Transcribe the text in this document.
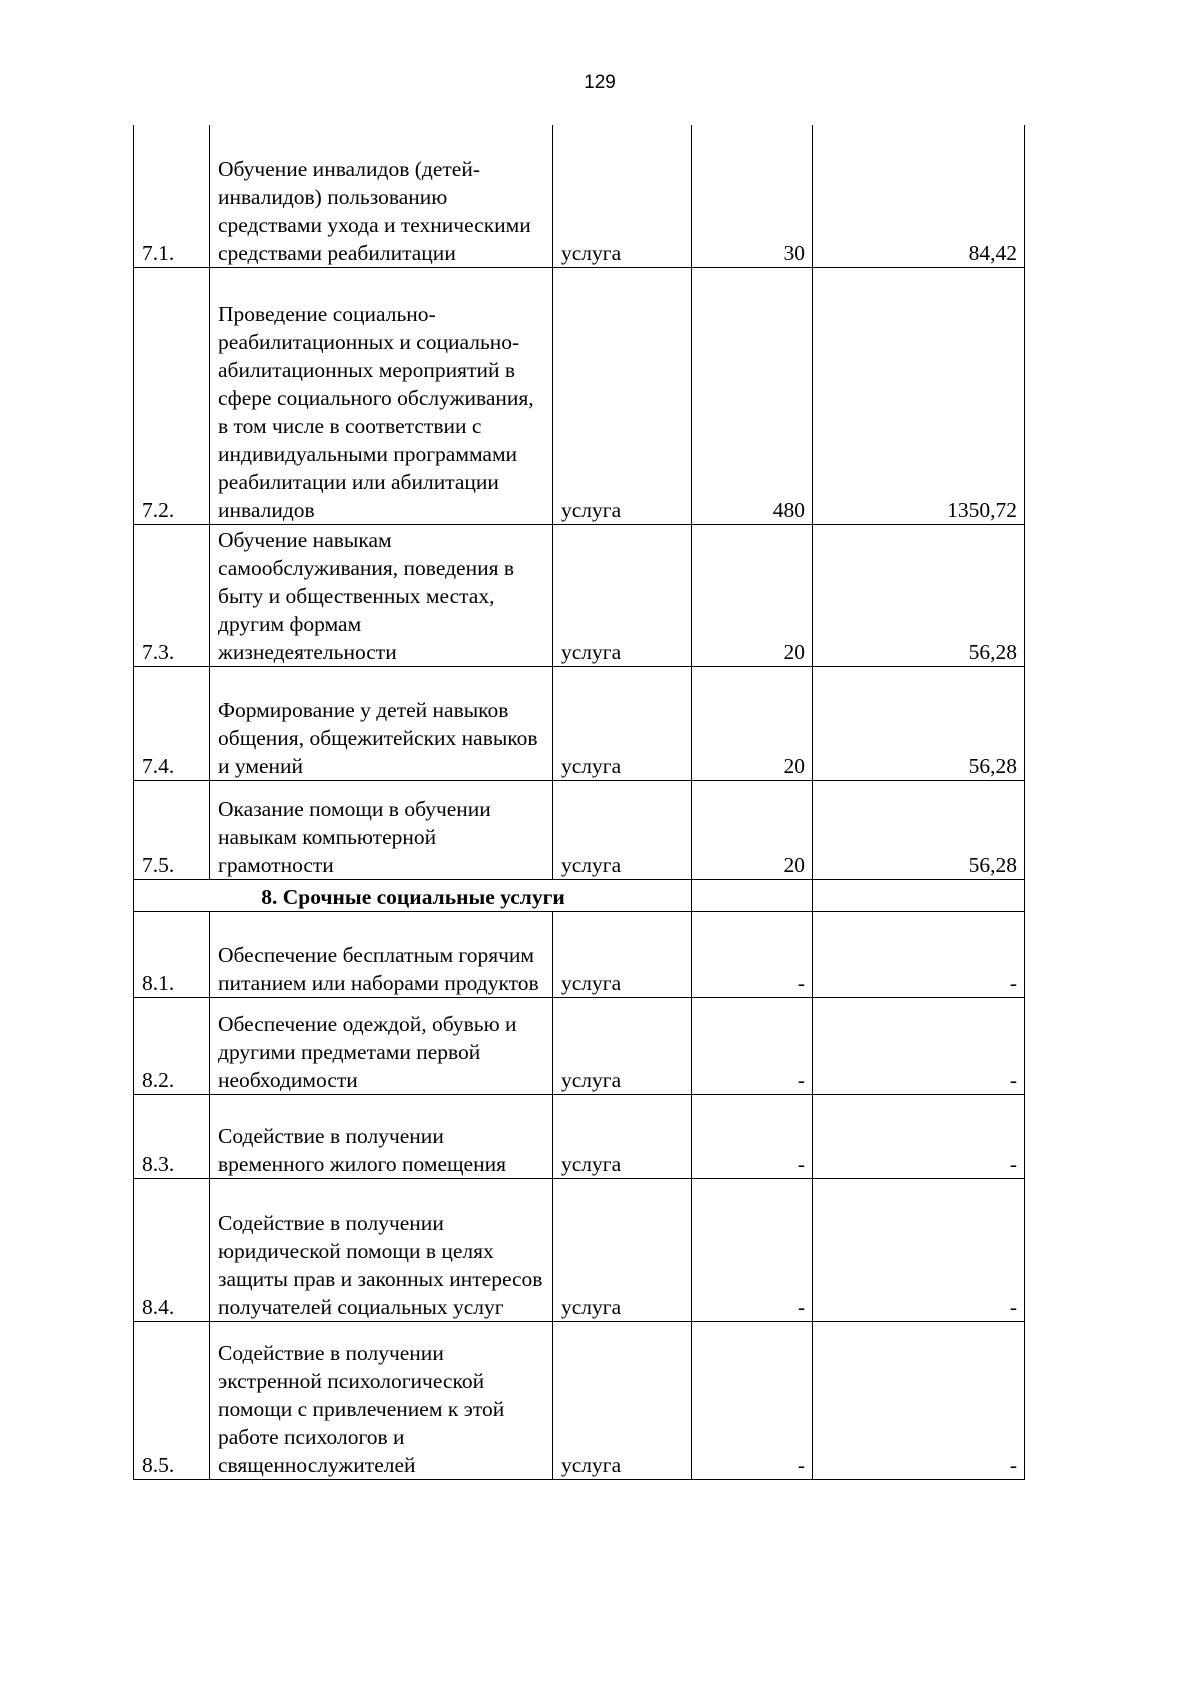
129
7.1.	Обучение инвалидов (детей-инвалидов) пользованию средствами ухода и техническими средствами реабилитации	услуга	30	84,42
7.2.	Проведение социально-реабилитационных и социально-абилитационных мероприятий в сфере социального обслуживания, в том числе в соответствии с индивидуальными программами реабилитации или абилитации инвалидов	услуга	480	1350,72
7.3.	Обучение навыкам самообслуживания, поведения в быту и общественных местах, другим формам жизнедеятельности	услуга	20	56,28
7.4.	Формирование у детей навыков общения, общежитейских навыков и умений	услуга	20	56,28
7.5.	Оказание помощи в обучении навыкам компьютерной грамотности	услуга	20	56,28
8. Срочные социальные услуги				
8.1.	Обеспечение бесплатным горячим питанием или наборами продуктов	услуга	-	-
8.2.	Обеспечение одеждой, обувью и другими предметами первой необходимости	услуга	-	-
8.3.	Содействие в получении временного жилого помещения	услуга	-	-
8.4.	Содействие в получении юридической помощи в целях защиты прав и законных интересов получателей социальных услуг	услуга	-	-
8.5.	Содействие в получении экстренной психологической помощи с привлечением к этой работе психологов и священнослужителей	услуга	-	-
